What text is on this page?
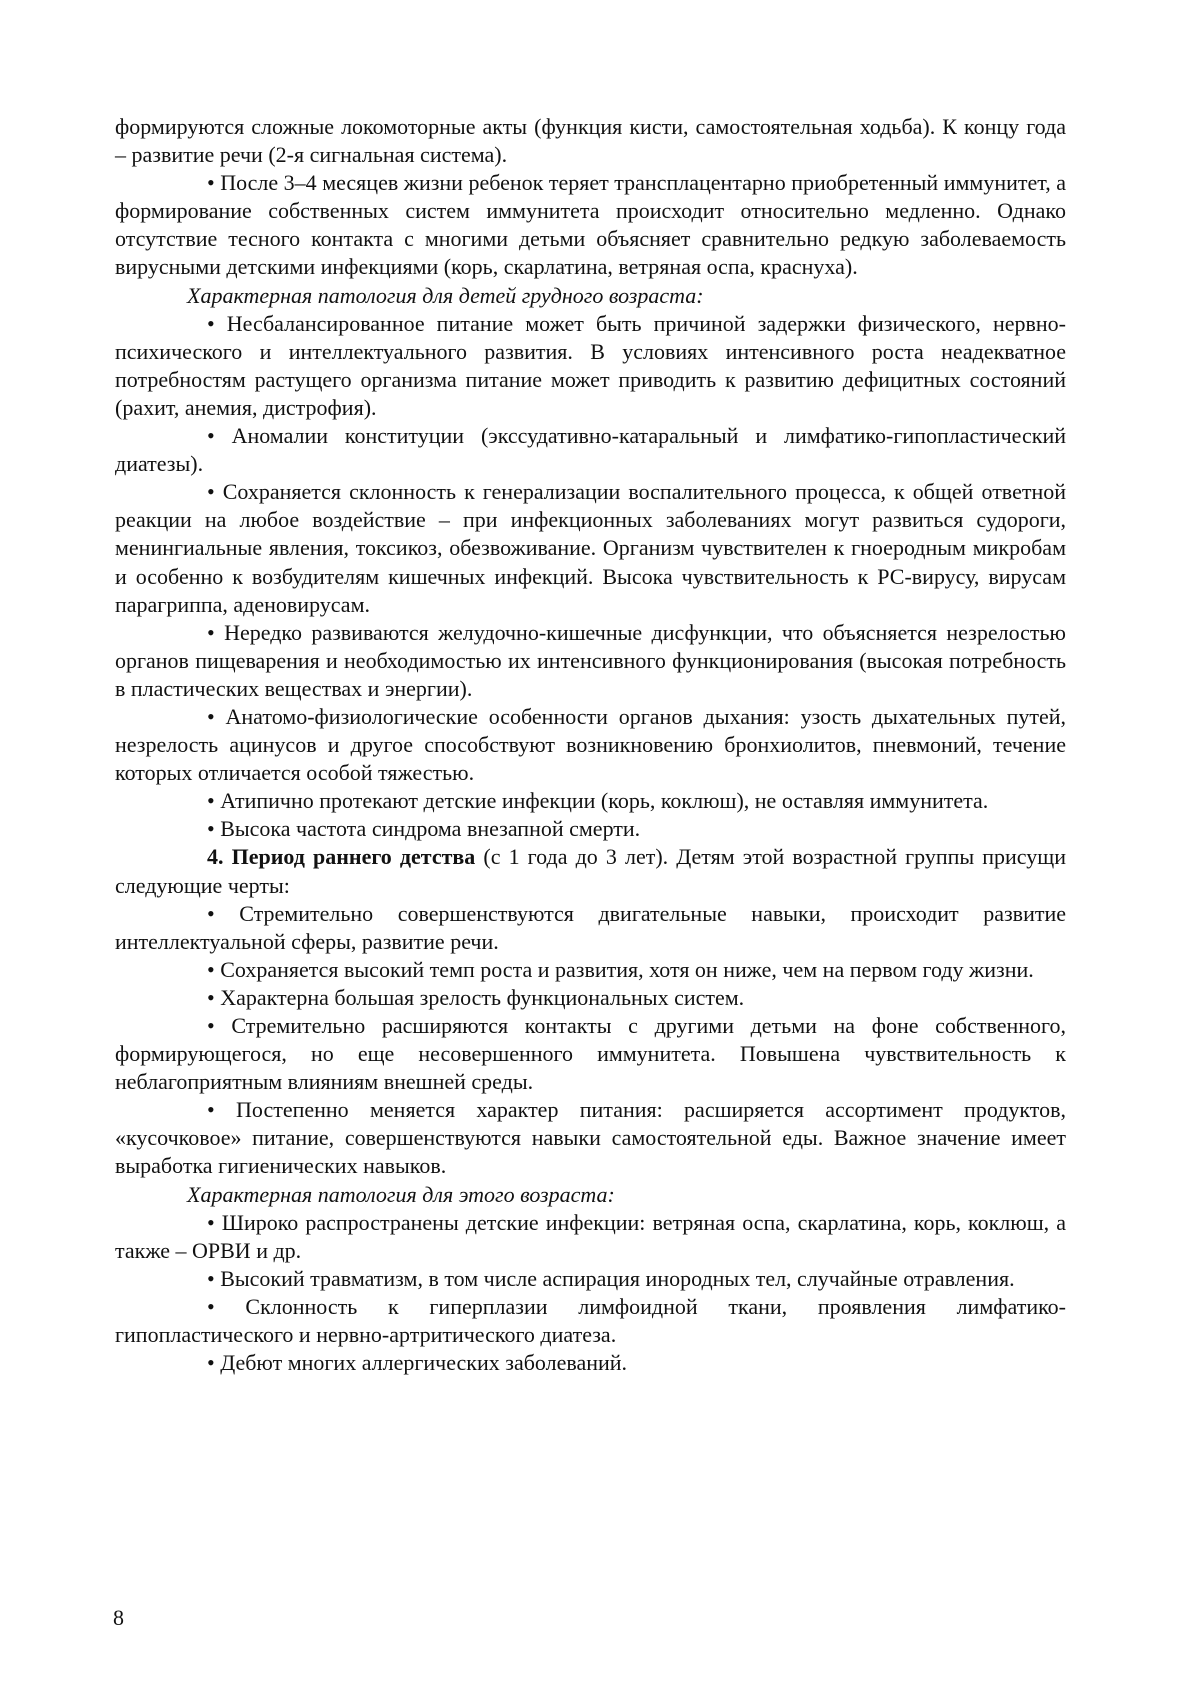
формируются сложные локомоторные акты (функция кисти, самостоятельная ходьба). К концу года – развитие речи (2-я сигнальная система).

• После 3–4 месяцев жизни ребенок теряет трансплацентарно приобретенный иммунитет, а формирование собственных систем иммунитета происходит относительно медленно. Однако отсутствие тесного контакта с многими детьми объясняет сравнительно редкую заболеваемость вирусными детскими инфекциями (корь, скарлатина, ветряная оспа, краснуха).

Характерная патология для детей грудного возраста:

• Несбалансированное питание может быть причиной задержки физического, нервно-психического и интеллектуального развития. В условиях интенсивного роста неадекватное потребностям растущего организма питание может приводить к развитию дефицитных состояний (рахит, анемия, дистрофия).

• Аномалии конституции (экссудативно-катаральный и лимфатико-гипопластический диатезы).

• Сохраняется склонность к генерализации воспалительного процесса, к общей ответной реакции на любое воздействие – при инфекционных заболеваниях могут развиться судороги, менингиальные явления, токсикоз, обезвоживание. Организм чувствителен к гноеродным микробам и особенно к возбудителям кишечных инфекций. Высока чувствительность к РС-вирусу, вирусам парагриппа, аденовирусам.

• Нередко развиваются желудочно-кишечные дисфункции, что объясняется незрелостью органов пищеварения и необходимостью их интенсивного функционирования (высокая потребность в пластических веществах и энергии).

• Анатомо-физиологические особенности органов дыхания: узость дыхательных путей, незрелость ацинусов и другое способствуют возникновению бронхиолитов, пневмоний, течение которых отличается особой тяжестью.

• Атипично протекают детские инфекции (корь, коклюш), не оставляя иммунитета.

• Высока частота синдрома внезапной смерти.

4. Период раннего детства (с 1 года до 3 лет). Детям этой возрастной группы присущи следующие черты:

• Стремительно совершенствуются двигательные навыки, происходит развитие интеллектуальной сферы, развитие речи.

• Сохраняется высокий темп роста и развития, хотя он ниже, чем на первом году жизни.

• Характерна большая зрелость функциональных систем.

• Стремительно расширяются контакты с другими детьми на фоне собственного, формирующегося, но еще несовершенного иммунитета. Повышена чувствительность к неблагоприятным влияниям внешней среды.

• Постепенно меняется характер питания: расширяется ассортимент продуктов, «кусочковое» питание, совершенствуются навыки самостоятельной еды. Важное значение имеет выработка гигиенических навыков.

Характерная патология для этого возраста:

• Широко распространены детские инфекции: ветряная оспа, скарлатина, корь, коклюш, а также – ОРВИ и др.

• Высокий травматизм, в том числе аспирация инородных тел, случайные отравления.

• Склонность к гиперплазии лимфоидной ткани, проявления лимфатико-гипопластического и нервно-артритического диатеза.

• Дебют многих аллергических заболеваний.

8
